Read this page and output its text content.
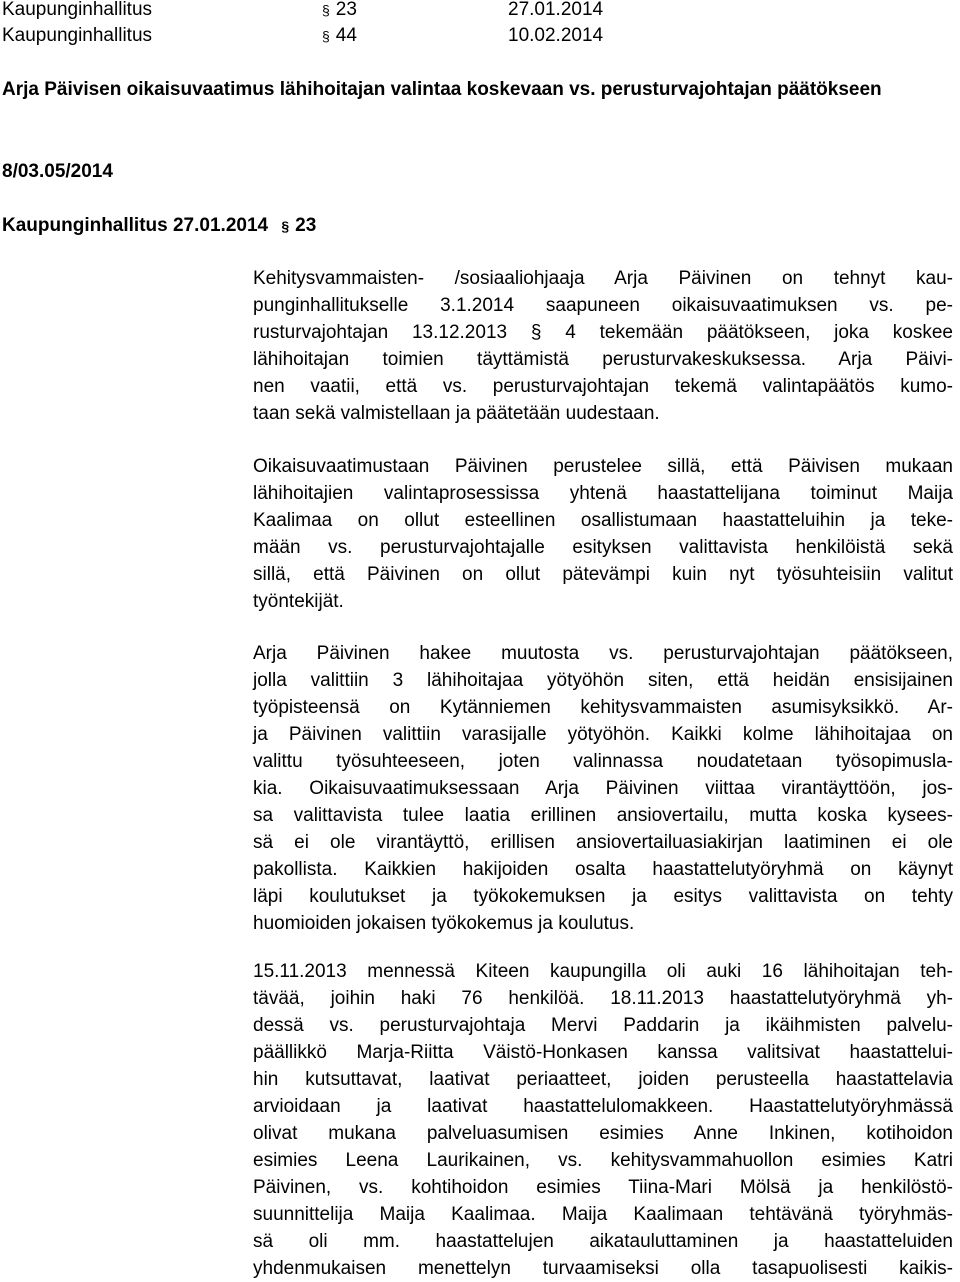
Kaupunginhallitus	§ 23	27.01.2014
Kaupunginhallitus	§ 44	10.02.2014
Arja Päivisen oikaisuvaatimus lähihoitajan valintaa koskevaan vs. perusturvajohtajan päätökseen
8/03.05/2014
Kaupunginhallitus 27.01.2014 § 23
Kehitysvammaisten- /sosiaaliohjaaja Arja Päivinen on tehnyt kau-
punginhallitukselle 3.1.2014 saapuneen oikaisuvaatimuksen vs. pe-
rusturvajohtajan 13.12.2013 § 4 tekemään päätökseen, joka koskee
lähihoitajan toimien täyttämistä perusturvakeskuksessa. Arja Päivi-
nen vaatii, että vs. perusturvajohtajan tekemä valintapäätös kumo-
taan sekä valmistellaan ja päätetään uudestaan.
Oikaisuvaatimustaan Päivinen perustelee sillä, että Päivisen mukaan
lähihoitajien valintaprosessissa yhtenä haastattelijana toiminut Maija
Kaalimaa on ollut esteellinen osallistumaan haastatteluihin ja teke-
mään vs. perusturvajohtajalle esityksen valittavista henkilöistä sekä
sillä, että Päivinen on ollut pätevämpi kuin nyt työsuhteisiin valitut
työntekijät.
Arja Päivinen hakee muutosta vs. perusturvajohtajan päätökseen,
jolla valittiin 3 lähihoitajaa yötyöhön siten, että heidän ensisijainen
työpisteensä on Kytänniemen kehitysvammaisten asumisyksikkö. Ar-
ja Päivinen valittiin varasijalle yötyöhön. Kaikki kolme lähihoitajaa on
valittu työsuhteeseen, joten valinnassa noudatetaan työsopimusla-
kia. Oikaisuvaatimuksessaan Arja Päivinen viittaa virantäyttöön, jos-
sa valittavista tulee laatia erillinen ansiovertailu, mutta koska kysees-
sä ei ole virantäyttö, erillisen ansiovertailuasiakirjan laatiminen ei ole
pakollista. Kaikkien hakijoiden osalta haastattelutyöryhmä on käynyt
läpi koulutukset ja työkokemuksen ja esitys valittavista on tehty
huomioiden jokaisen työkokemus ja koulutus.
15.11.2013 mennessä Kiteen kaupungilla oli auki 16 lähihoitajan teh-
tävää, joihin haki 76 henkilöä. 18.11.2013 haastattelutyöryhmä yh-
dessä vs. perusturvajohtaja Mervi Paddarin ja ikäihmisten palvelu-
päällikkö Marja-Riitta Väistö-Honkasen kanssa valitsivat haastattelui-
hin kutsuttavat, laativat periaatteet, joiden perusteella haastattelavia
arvioidaan ja laativat haastattelulomakkeen. Haastattelutyöryhmässä
olivat mukana palveluasumisen esimies Anne Inkinen, kotihoidon
esimies Leena Laurikainen, vs. kehitysvammahuollon esimies Katri
Päivinen, vs. kohtihoidon esimies Tiina-Mari Mölsä ja henkilöstö-
suunnittelija Maija Kaalimaa. Maija Kaalimaan tehtävänä työryhmäs-
sä oli mm. haastattelujen aikatauluttaminen ja haastatteluiden
yhdenmukaisen menettelyn turvaamiseksi olla tasapuolisesti kaikis-
